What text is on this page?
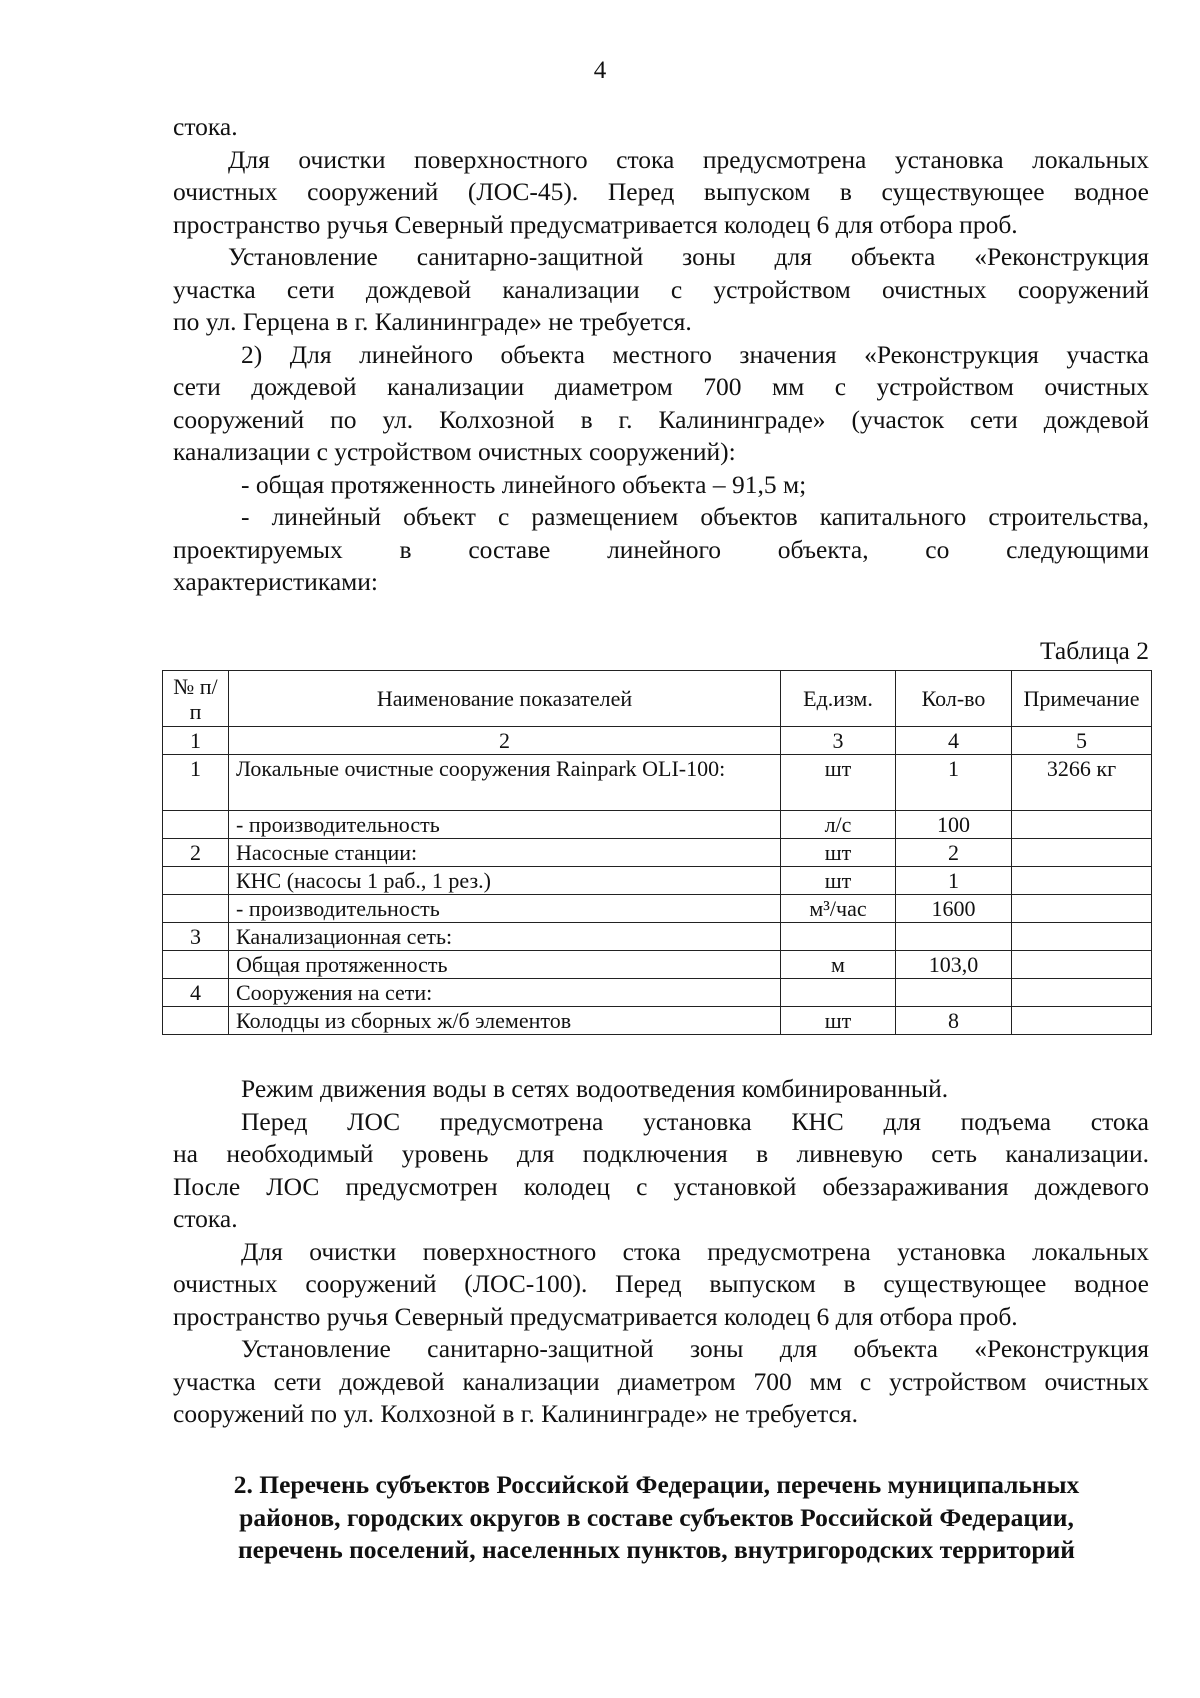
4
стока.
Для очистки поверхностного стока предусмотрена установка локальных
очистных сооружений (ЛОС-45). Перед выпуском в существующее водное
пространство ручья Северный предусматривается колодец 6 для отбора проб.
Установление санитарно-защитной зоны для объекта «Реконструкция
участка сети дождевой канализации с устройством очистных сооружений
по ул. Герцена в г. Калининграде» не требуется.
2) Для линейного объекта местного значения «Реконструкция участка
сети дождевой канализации диаметром 700 мм с устройством очистных
сооружений по ул. Колхозной в г. Калининграде» (участок сети дождевой
канализации с устройством очистных сооружений):
- общая протяженность линейного объекта – 91,5 м;
- линейный объект с размещением объектов капитального строительства,
проектируемых в составе линейного объекта, со следующими
характеристиками:
Таблица 2
№ п/п	Наименование показателей	Ед.изм.	Кол-во	Примечание
1	2	3	4	5
1	Локальные очистные сооружения Rainpark OLI-100:	шт	1	3266 кг
	- производительность	л/с	100	
2	Насосные станции:	шт	2	
	КНС (насосы 1 раб., 1 рез.)	шт	1	
	- производительность	м³/час	1600	
3	Канализационная сеть:			
	Общая протяженность	м	103,0	
4	Сооружения на сети:			
	Колодцы из сборных ж/б элементов	шт	8	
Режим движения воды в сетях водоотведения комбинированный.
Перед ЛОС предусмотрена установка КНС для подъема стока
на необходимый уровень для подключения в ливневую сеть канализации.
После ЛОС предусмотрен колодец с установкой обеззараживания дождевого
стока.
Для очистки поверхностного стока предусмотрена установка локальных
очистных сооружений (ЛОС-100). Перед выпуском в существующее водное
пространство ручья Северный предусматривается колодец 6 для отбора проб.
Установление санитарно-защитной зоны для объекта «Реконструкция
участка сети дождевой канализации диаметром 700 мм с устройством очистных
сооружений по ул. Колхозной в г. Калининграде» не требуется.
2. Перечень субъектов Российской Федерации, перечень муниципальных
районов, городских округов в составе субъектов Российской Федерации,
перечень поселений, населенных пунктов, внутригородских территорий
